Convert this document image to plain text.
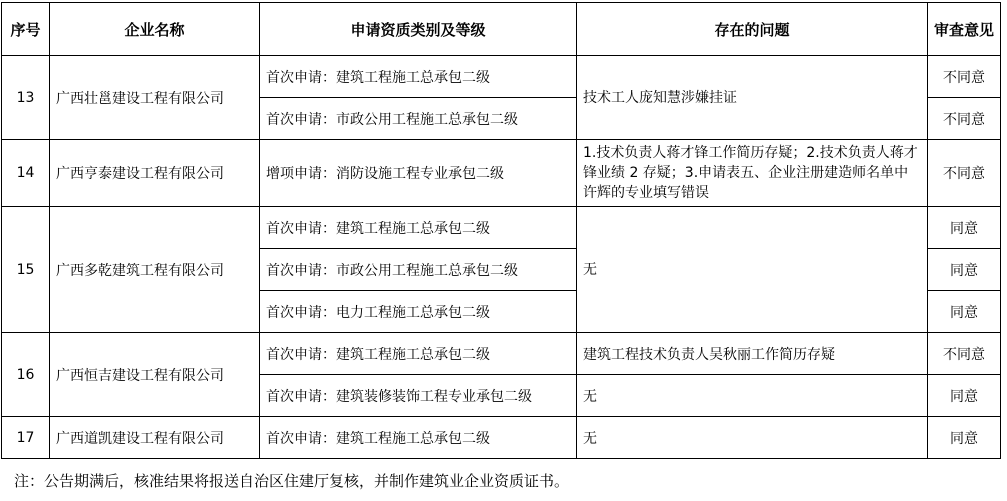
序号	企业名称	申请资质类别及等级	存在的问题	审查意见
13	广西壮邕建设工程有限公司	首次申请：建筑工程施工总承包二级	技术工人庞知慧涉嫌挂证	不同意
		首次申请：市政公用工程施工总承包二级		不同意
14	广西亨泰建设工程有限公司	增项申请：消防设施工程专业承包二级	1.技术负责人蒋才锋工作简历存疑；2.技术负责人蒋才锋业绩 2 存疑；3.申请表五、企业注册建造师名单中许辉的专业填写错误	不同意
15	广西多乾建筑工程有限公司	首次申请：建筑工程施工总承包二级	无	同意
		首次申请：市政公用工程施工总承包二级		同意
		首次申请：电力工程施工总承包二级		同意
16	广西恒吉建设工程有限公司	首次申请：建筑工程施工总承包二级	建筑工程技术负责人吴秋丽工作简历存疑	不同意
		首次申请：建筑装修装饰工程专业承包二级	无	同意
17	广西道凯建设工程有限公司	首次申请：建筑工程施工总承包二级	无	同意
注：公告期满后，核准结果将报送自治区住建厅复核，并制作建筑业企业资质证书。
